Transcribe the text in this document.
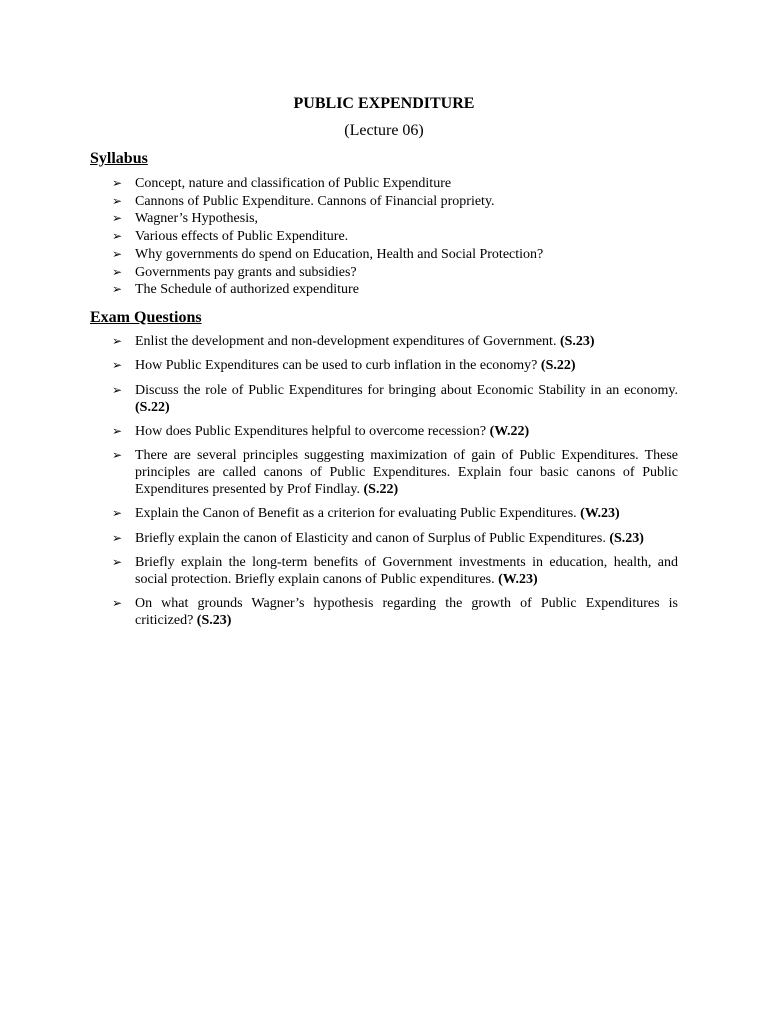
PUBLIC EXPENDITURE
(Lecture 06)
Syllabus
➢ Concept, nature and classification of Public Expenditure
➢ Cannons of Public Expenditure. Cannons of Financial propriety.
➢ Wagner’s Hypothesis,
➢ Various effects of Public Expenditure.
➢ Why governments do spend on Education, Health and Social Protection?
➢ Governments pay grants and subsidies?
➢ The Schedule of authorized expenditure
Exam Questions
➢ Enlist the development and non-development expenditures of Government. (S.23)
➢ How Public Expenditures can be used to curb inflation in the economy? (S.22)
➢ Discuss the role of Public Expenditures for bringing about Economic Stability in an economy. (S.22)
➢ How does Public Expenditures helpful to overcome recession? (W.22)
➢ There are several principles suggesting maximization of gain of Public Expenditures. These principles are called canons of Public Expenditures. Explain four basic canons of Public Expenditures presented by Prof Findlay. (S.22)
➢ Explain the Canon of Benefit as a criterion for evaluating Public Expenditures. (W.23)
➢ Briefly explain the canon of Elasticity and canon of Surplus of Public Expenditures. (S.23)
➢ Briefly explain the long-term benefits of Government investments in education, health, and social protection. Briefly explain canons of Public expenditures. (W.23)
➢ On what grounds Wagner’s hypothesis regarding the growth of Public Expenditures is criticized? (S.23)
